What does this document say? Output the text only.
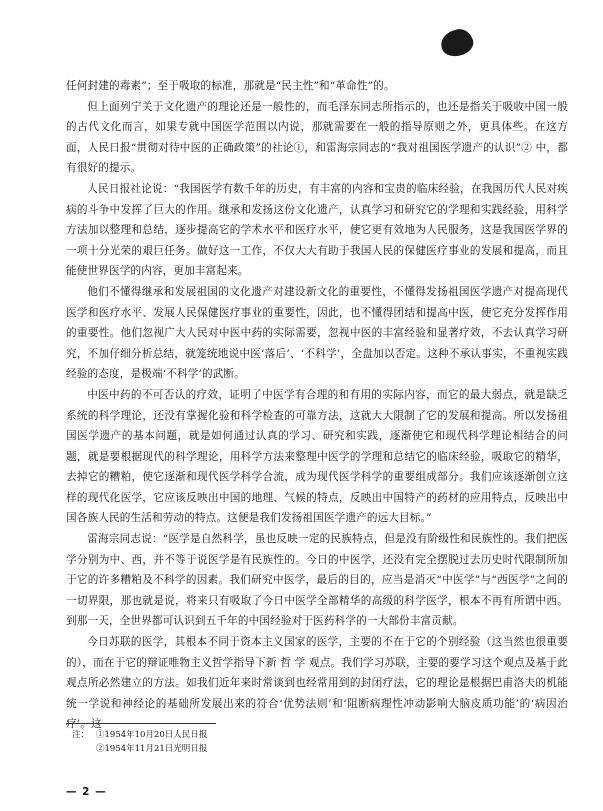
任何封建的毒素”；至于吸取的标准，那就是“民主性”和“革命性”的。

但上面列宁关于文化遗产的理论还是一般性的，而毛泽东同志所指示的，也还是指关于吸收中国一般的古代文化而言，如果专就中国医学范围以内说，那就需要在一般的指导原则之外，更具体些。在这方面，人民日报“贯彻对待中医的正确政策”的社论①，和雷海宗同志的“我对祖国医学遗产的认识”② 中，都有很好的提示。

人民日报社论说：“我国医学有数千年的历史，有丰富的内容和宝贵的临床经验，在我国历代人民对疾病的斗争中发挥了巨大的作用。继承和发扬这份文化遗产，认真学习和研究它的学理和实践经验，用科学方法加以整理和总结，逐步提高它的学术水平和医疗水平，使它更有效地为人民服务，这是我国医学界的一项十分光荣的艰巨任务。做好这一工作，不仅大大有助于我国人民的保健医疗事业的发展和提高，而且能使世界医学的内容，更加丰富起来。

他们不懂得继承和发展祖国的文化遗产对建设新文化的重要性，不懂得发扬祖国医学遗产对提高现代医学和医疗水平、发展人民保健医疗事业的重要性，因此，也不懂得团结和提高中医，使它充分发挥作用的重要性。他们忽视广大人民对中医中药的实际需要，忽视中医的丰富经验和显著疗效，不去认真学习研究，不加仔细分析总结，就笼统地说中医‘落后’、‘不科学’，全盘加以否定。这种不承认事实，不重视实践经验的态度，是极端‘不科学’的武断。

中医中药的不可否认的疗效，证明了中医学有合理的和有用的实际内容，而它的最大弱点，就是缺乏系统的科学理论，还没有掌握化验和科学检查的可靠方法，这就大大限制了它的发展和提高。所以发扬祖国医学遗产的基本问题，就是如何通过认真的学习、研究和实践，逐渐使它和现代科学理论相结合的问题，就是要根据现代的科学理论，用科学方法来整理中医学的学理和总结它的临床经验，吸取它的精华，去掉它的糟粕，使它逐渐和现代医学科学合流，成为现代医学科学的重要组成部分。我们应该逐渐创立这样的现代化医学，它应该反映出中国的地理、气候的特点，反映出中国特产的药材的应用特点，反映出中国各族人民的生活和劳动的特点。这便是我们发扬祖国医学遗产的远大目标。”

雷海宗同志说：“医学是自然科学，虽也反映一定的民族特点，但是没有阶级性和民族性的。我们把医学分别为中、西，并不等于说医学是有民族性的。今日的中医学，还没有完全摆脱过去历史时代限制所加于它的许多糟粕及不科学的因素。我们研究中医学，最后的目的，应当是消灭“中医学”与“西医学”之间的一切界限，那也就是说，将来只有吸取了今日中医学全部精华的高级的科学医学，根本不再有所谓中西。到那一天，全世界都可认识到五千年的中国经验对于医药科学的一大部份丰富贡献。

今日苏联的医学，其根本不同于资本主义国家的医学，主要的不在于它的个别经验（这当然也很重要的），而在于它的辩证唯物主义哲学指导下新 哲 学 观点。我们学习苏联，主要的要学习这个观点及基于此观点所必然建立的方法。如我们近年来时常谈到也经常用到的封闭疗法，它的理论是根据巴甫洛夫的机能统一学说和神经论的基础所发展出来的符合‘优势法则’和‘阻断病理性冲动影响大脑皮质功能’的‘病因治疗’。这

注： ①1954年10月20日人民日报
②1954年11月21日光明日报
— 2 —
